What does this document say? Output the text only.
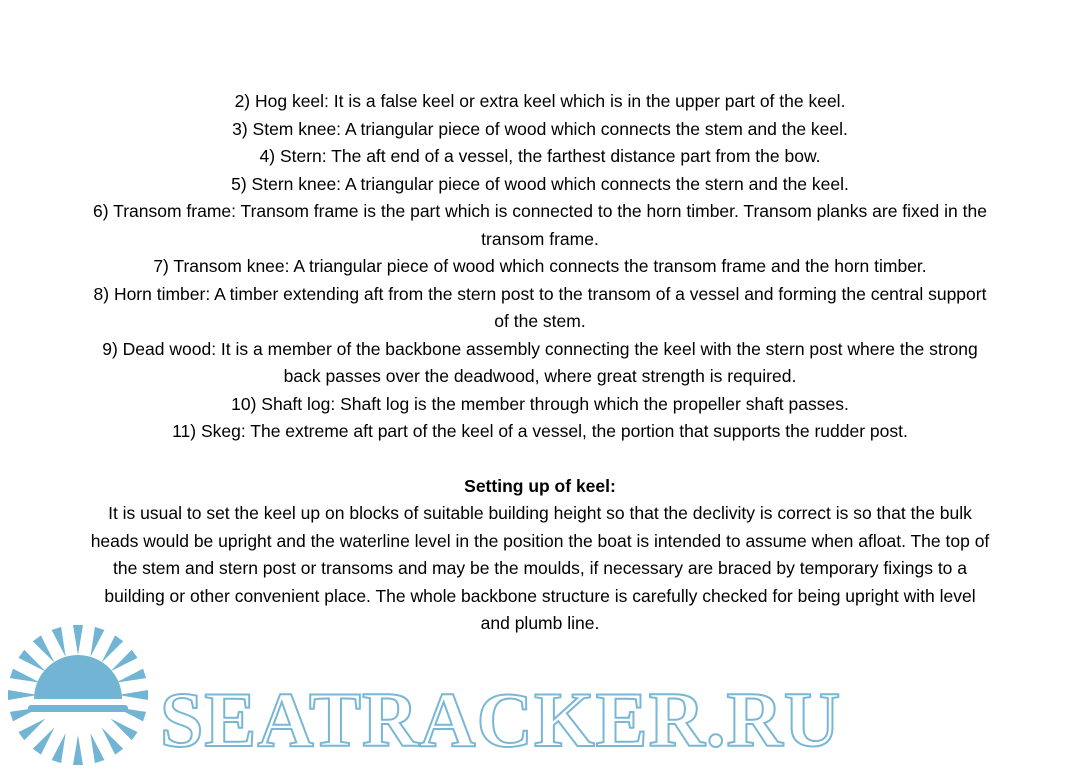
2) Hog keel: It is a false keel or extra keel which is in the upper part of the keel.

3) Stem knee: A triangular piece of wood which connects the stem and the keel.

4) Stern: The aft end of a vessel, the farthest distance part from the bow.

5) Stern knee: A triangular piece of wood which connects the stern and the keel.

6) Transom frame: Transom frame is the part which is connected to the horn timber. Transom planks are fixed in the transom frame.

7) Transom knee: A triangular piece of wood which connects the transom frame and the horn timber.

8) Horn timber: A timber extending aft from the stern post to the transom of a vessel and forming the central support of the stem.

9) Dead wood: It is a member of the backbone assembly connecting the keel with the stern post where the strong back passes over the deadwood, where great strength is required.

10) Shaft log: Shaft log is the member through which the propeller shaft passes.

11) Skeg: The extreme aft part of the keel of a vessel, the portion that supports the rudder post.

Setting up of keel:

It is usual to set the keel up on blocks of suitable building height so that the declivity is correct is so that the bulk heads would be upright and the waterline level in the position the boat is intended to assume when afloat. The top of the stem and stern post or transoms and may be the moulds, if necessary are braced by temporary fixings to a building or other convenient place. The whole backbone structure is carefully checked for being upright with level and plumb line.

SEATRACKER.RU
